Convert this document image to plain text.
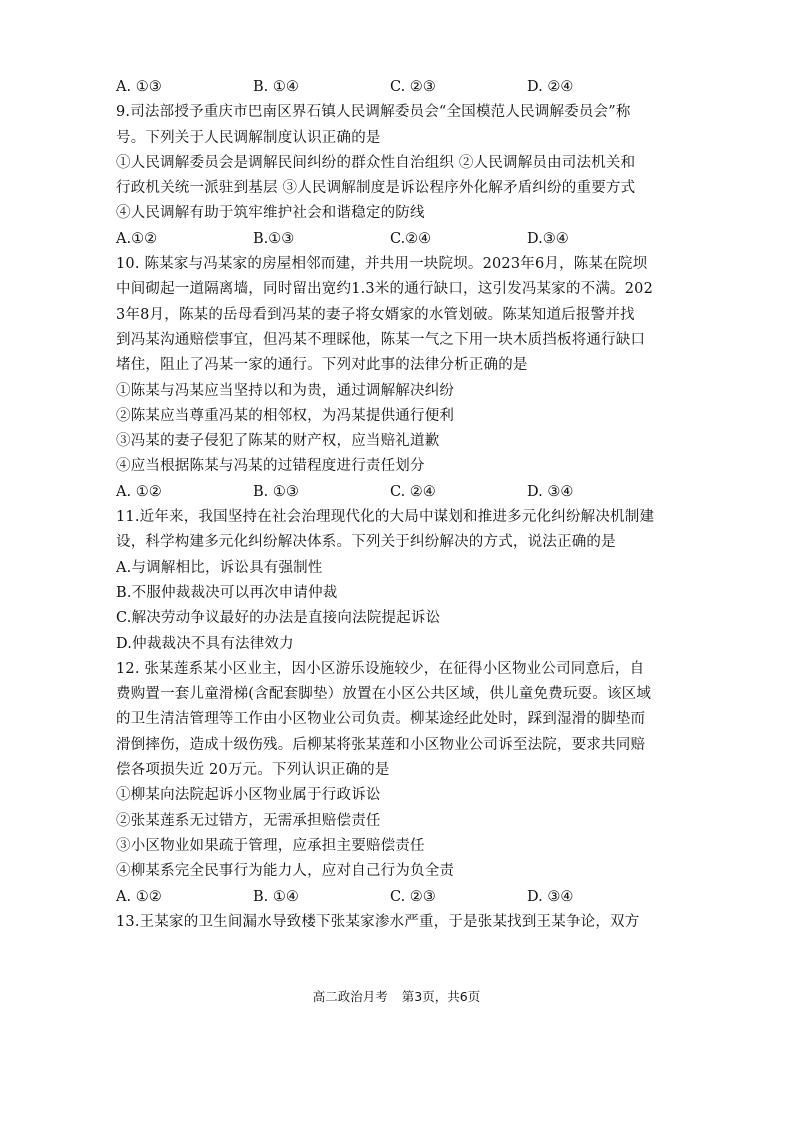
A. ①③	B. ①④	C. ②③	D. ②④
9.司法部授予重庆市巴南区界石镇人民调解委员会“全国模范人民调解委员会”称
号。下列关于人民调解制度认识正确的是
①人民调解委员会是调解民间纠纷的群众性自治组织 ②人民调解员由司法机关和
行政机关统一派驻到基层 ③人民调解制度是诉讼程序外化解矛盾纠纷的重要方式
④人民调解有助于筑牢维护社会和谐稳定的防线
A.①②	B.①③	C.②④	D.③④
10. 陈某家与冯某家的房屋相邻而建，并共用一块院坝。2023年6月，陈某在院坝
中间砌起一道隔离墙，同时留出宽约1.3米的通行缺口，这引发冯某家的不满。202
3年8月，陈某的岳母看到冯某的妻子将女婿家的水管划破。陈某知道后报警并找
到冯某沟通赔偿事宜，但冯某不理睬他，陈某一气之下用一块木质挡板将通行缺口
堵住，阻止了冯某一家的通行。下列对此事的法律分析正确的是
①陈某与冯某应当坚持以和为贵，通过调解解决纠纷
②陈某应当尊重冯某的相邻权，为冯某提供通行便利
③冯某的妻子侵犯了陈某的财产权，应当赔礼道歉
④应当根据陈某与冯某的过错程度进行责任划分
A. ①②	B. ①③	C. ②④	D. ③④
11.近年来，我国坚持在社会治理现代化的大局中谋划和推进多元化纠纷解决机制建
设，科学构建多元化纠纷解决体系。下列关于纠纷解决的方式，说法正确的是
A.与调解相比，诉讼具有强制性
B.不服仲裁裁决可以再次申请仲裁
C.解决劳动争议最好的办法是直接向法院提起诉讼
D.仲裁裁决不具有法律效力
12. 张某莲系某小区业主，因小区游乐设施较少，在征得小区物业公司同意后，自
费购置一套儿童滑梯(含配套脚垫）放置在小区公共区域，供儿童免费玩耍。该区域
的卫生清洁管理等工作由小区物业公司负责。柳某途经此处时，踩到湿滑的脚垫而
滑倒摔伤，造成十级伤残。后柳某将张某莲和小区物业公司诉至法院，要求共同赔
偿各项损失近 20万元。下列认识正确的是
①柳某向法院起诉小区物业属于行政诉讼
②张某莲系无过错方，无需承担赔偿责任
③小区物业如果疏于管理，应承担主要赔偿责任
④柳某系完全民事行为能力人，应对自己行为负全责
A. ①②	B. ①④	C. ②③	D. ③④
13.王某家的卫生间漏水导致楼下张某家渗水严重，于是张某找到王某争论，双方
高二政治月考 第3页，共6页
